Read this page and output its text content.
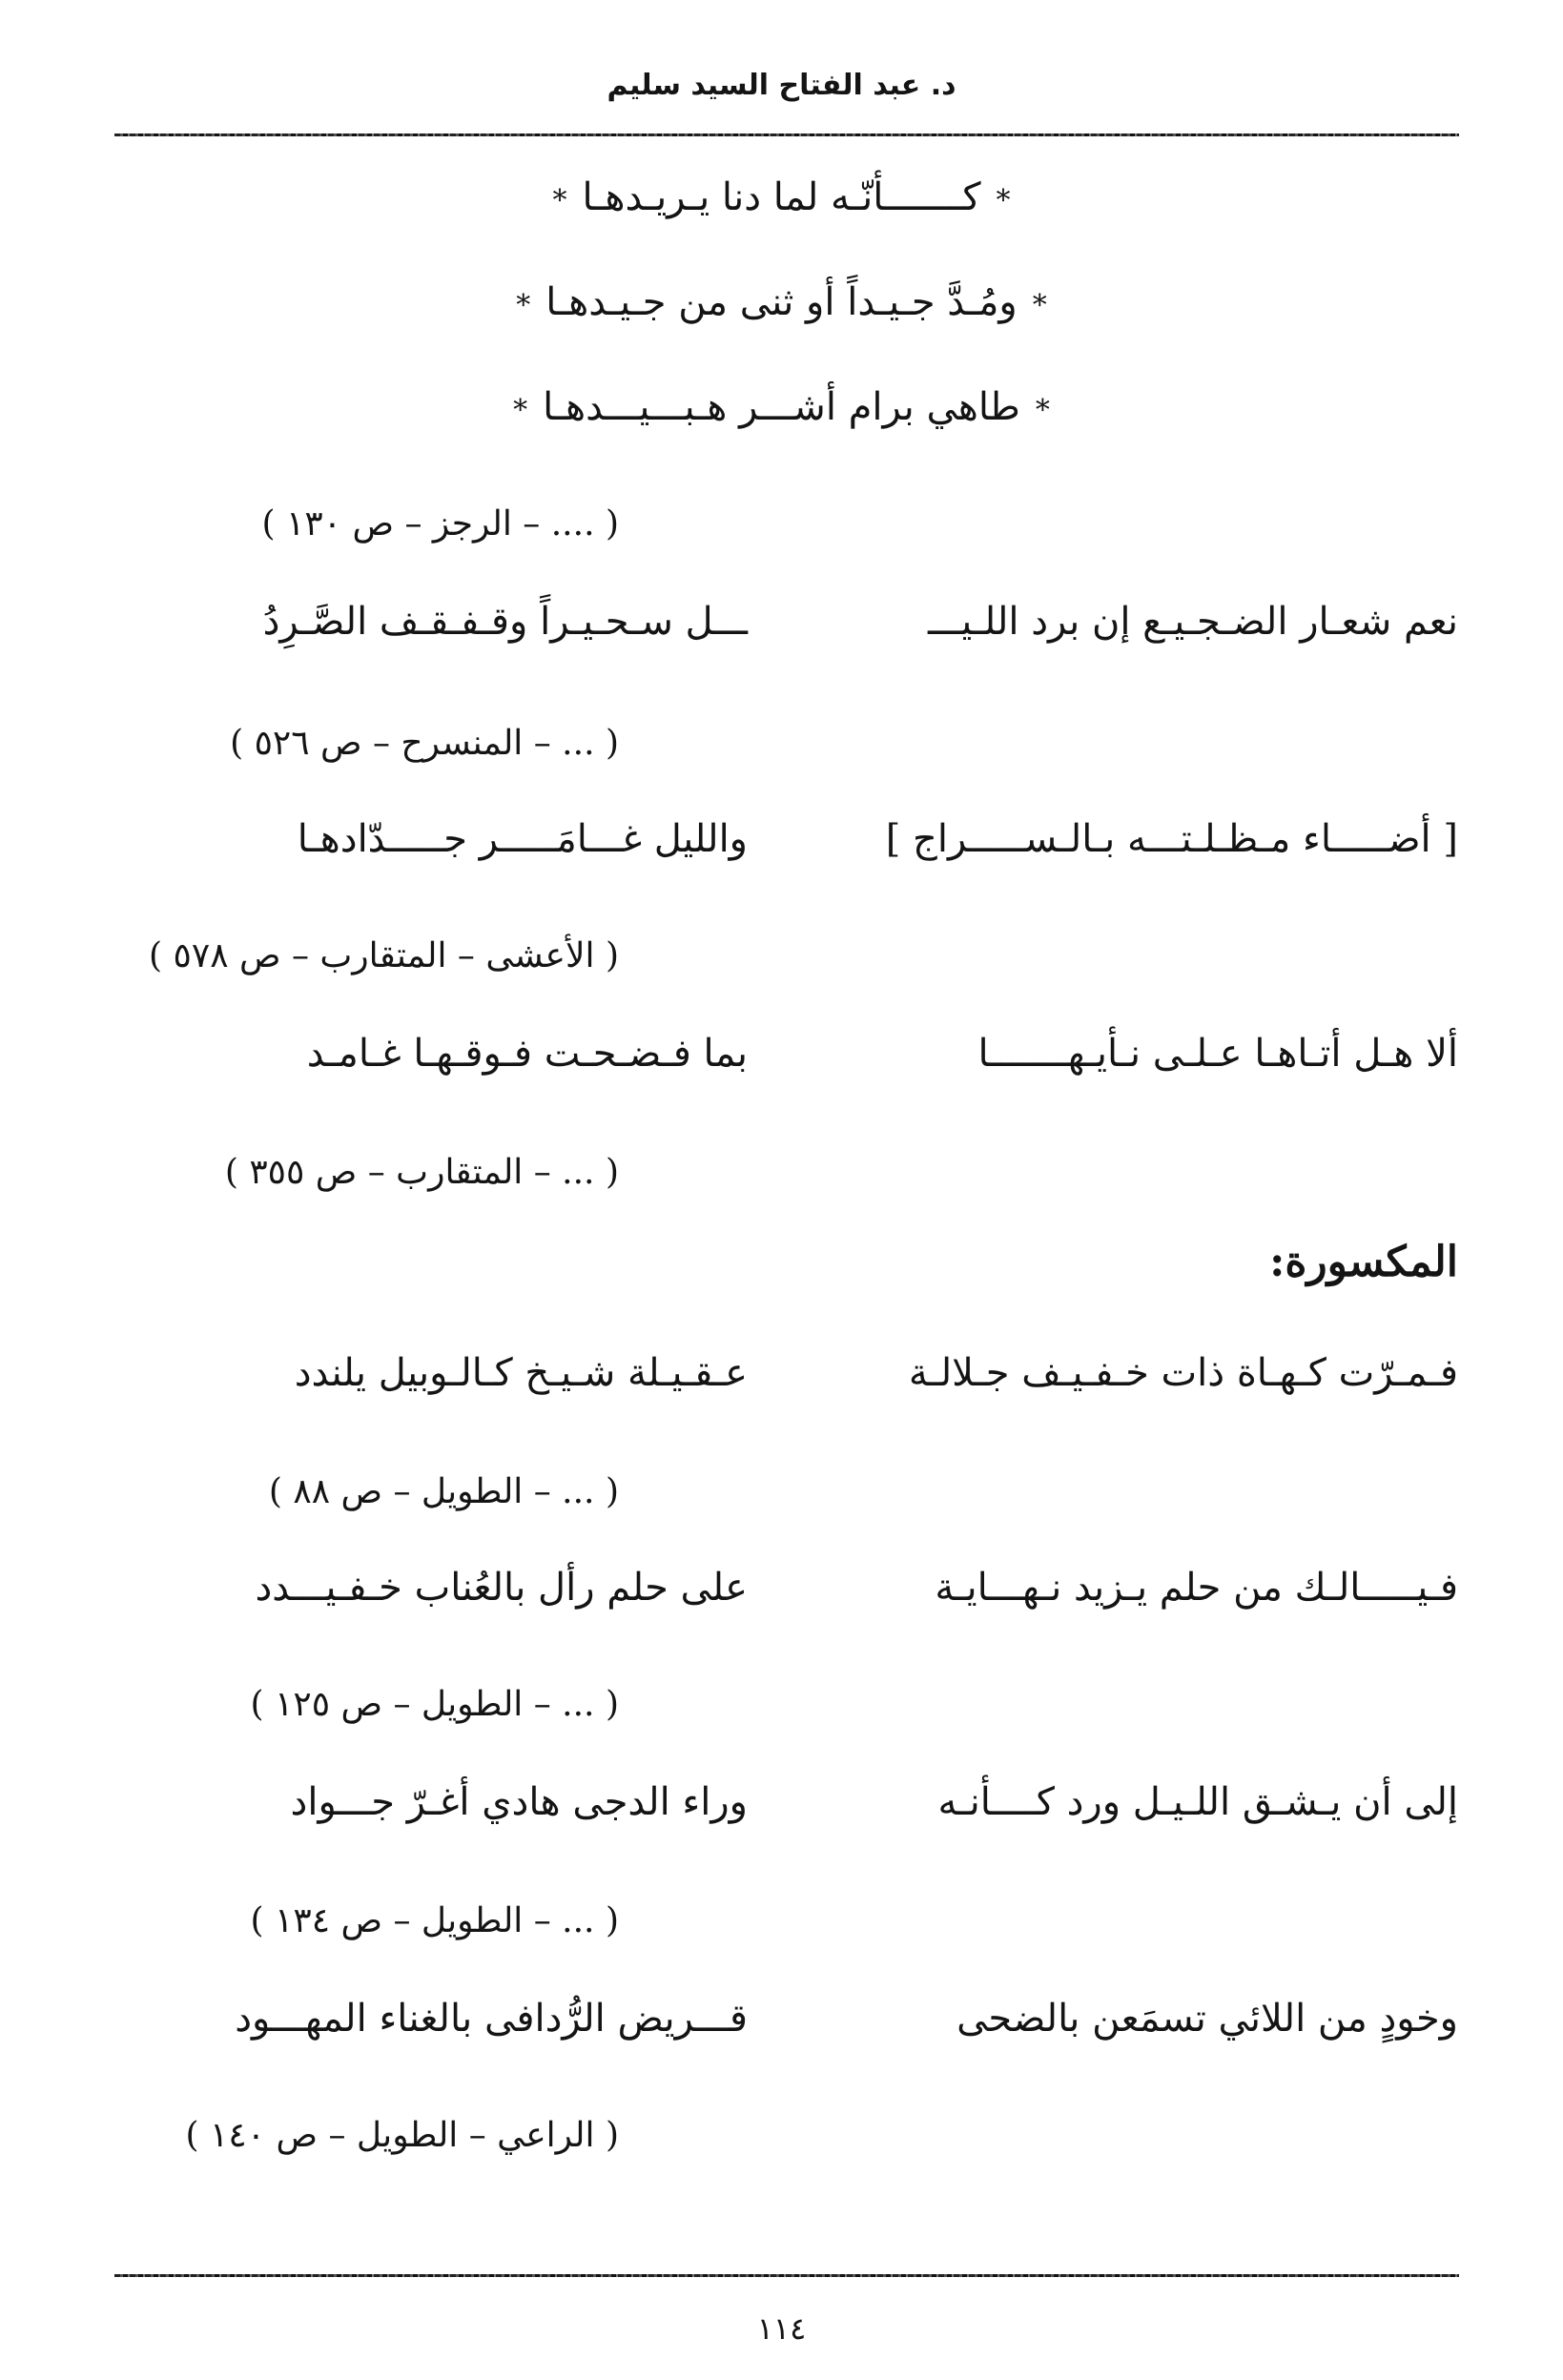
د. عبد الفتاح السيد سليم
*كـــــــأنّـه لما دنا يـريـدهـا*
*ومُـدَّ جـيـداً أو ثنى من جـيـدهـا*
*طاهي برام أشـــر هـبـــيـــدهـا*
( .... – الرجز – ص ١٣٠ )
نعم شعـار الضـجـيـع إن برد اللـيـــ
ـــل سـحـيـراً وقـفـقـف الصَّـرِدُ
( ... – المنسرح – ص ٥٢٦ )
[ أضـــــاء مـظـلـتـــه بـالـســـــراج ]
والليل غـــامَـــــر جـــــدّادهـا
( الأعشى – المتقارب – ص ٥٧٨ )
ألا هـل أتـاهـا عـلـى نـأيـهـــــــا
بما فـضـحـت فـوقـهـا غـامـد
( ... – المتقارب – ص ٣٥٥ )
المكسورة:
فـمـرّت كـهـاة ذات خـفـيـف جـلالـة
عـقـيـلة شـيـخ كـالـوبيل يلندد
( ... – الطويل – ص ٨٨ )
فـيـــــالـك من حلم يـزيد نـهـــايـة
على حلم رأل بالعُناب خـفـيـــدد
( ... – الطويل – ص ١٢٥ )
إلى أن يـشـق اللـيـل ورد كــــأنـه
وراء الدجى هادي أغـرّ جـــواد
( ... – الطويل – ص ١٣٤ )
وخودٍ من اللائي تسمَعن بالضحى
قـــريض الرُّدافى بالغناء المهـــود
( الراعي – الطويل – ص ١٤٠ )
١١٤
